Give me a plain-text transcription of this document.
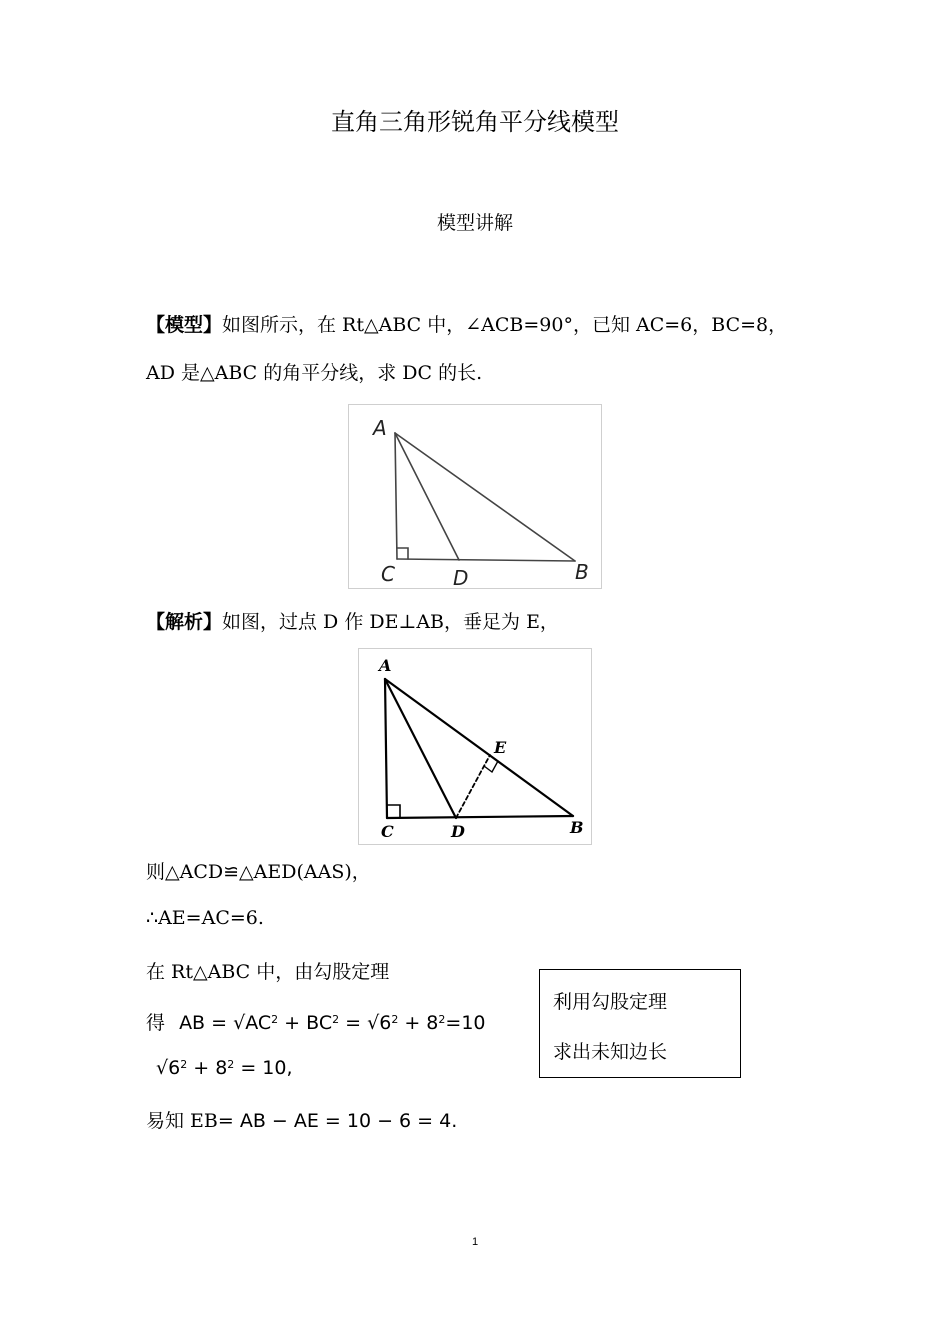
直角三角形锐角平分线模型
模型讲解
【模型】如图所示，在 Rt△ABC 中，∠ACB=90°，已知 AC=6，BC=8，
AD 是△ABC 的角平分线，求 DC 的长.
A
C	D	B
【解析】如图，过点 D 作 DE⊥AB，垂足为 E，
A
E
C	D	B
则△ACD≌△AED(AAS)，
∴AE=AC=6.
在 Rt△ABC 中，由勾股定理
得 AB = $√AC^2 + BC^2 = √6^2 + 8^2=10$
$√6^2 + 8^2 = 10$,
易知 EB= AB − AE = 10 − 6 = 4.
利用勾股定理
求出未知边长
1
